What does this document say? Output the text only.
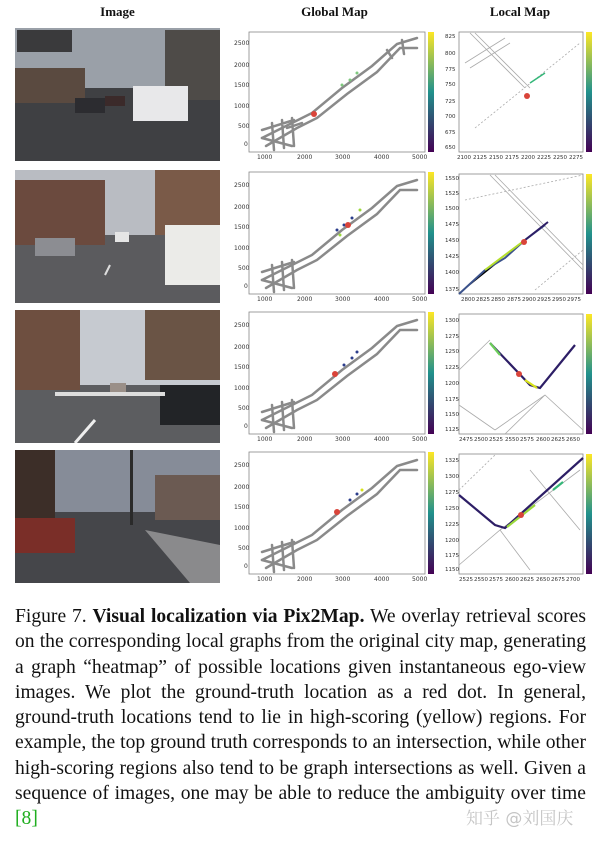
Image	Global Map	Local Map
2500
2000
1500
1000
500
0
1000	2000	3000	4000	5000
2500
2000
1500
1000
500
0
1000	2000	3000	4000	5000
2500
2000
1500
1000
500
0
1000	2000	3000	4000	5000
2500
2000
1500
1000
500
0
1000	2000	3000	4000	5000
825
800
775
750
725
700
675
650
2100 2125 2150 2175 2200 2225 2250 2275
1550
1525
1500
1475
1450
1425
1400
1375
2800 2825 2850 2875 2900 2925 2950 2975
1300
1275
1250
1225
1200
1175
1150
1125
2475 2500 2525 2550 2575 2600 2625 2650
1325
1300
1275
1250
1225
1200
1175
1150
2525 2550 2575 2600 2625 2650 2675 2700
Figure 7. Visual localization via Pix2Map. We overlay retrieval scores on the corresponding local graphs from the original city map, generating a graph “heatmap” of possible locations given instantaneous ego-view images. We plot the ground-truth location as a red dot. In general, ground-truth locations tend to lie in high-scoring (yellow) regions. For example, the top ground truth corresponds to an intersection, while other high-scoring regions also tend to be graph intersections as well. Given a sequence of images, one may be able to reduce the ambiguity over time [8]	知乎 @刘国庆
